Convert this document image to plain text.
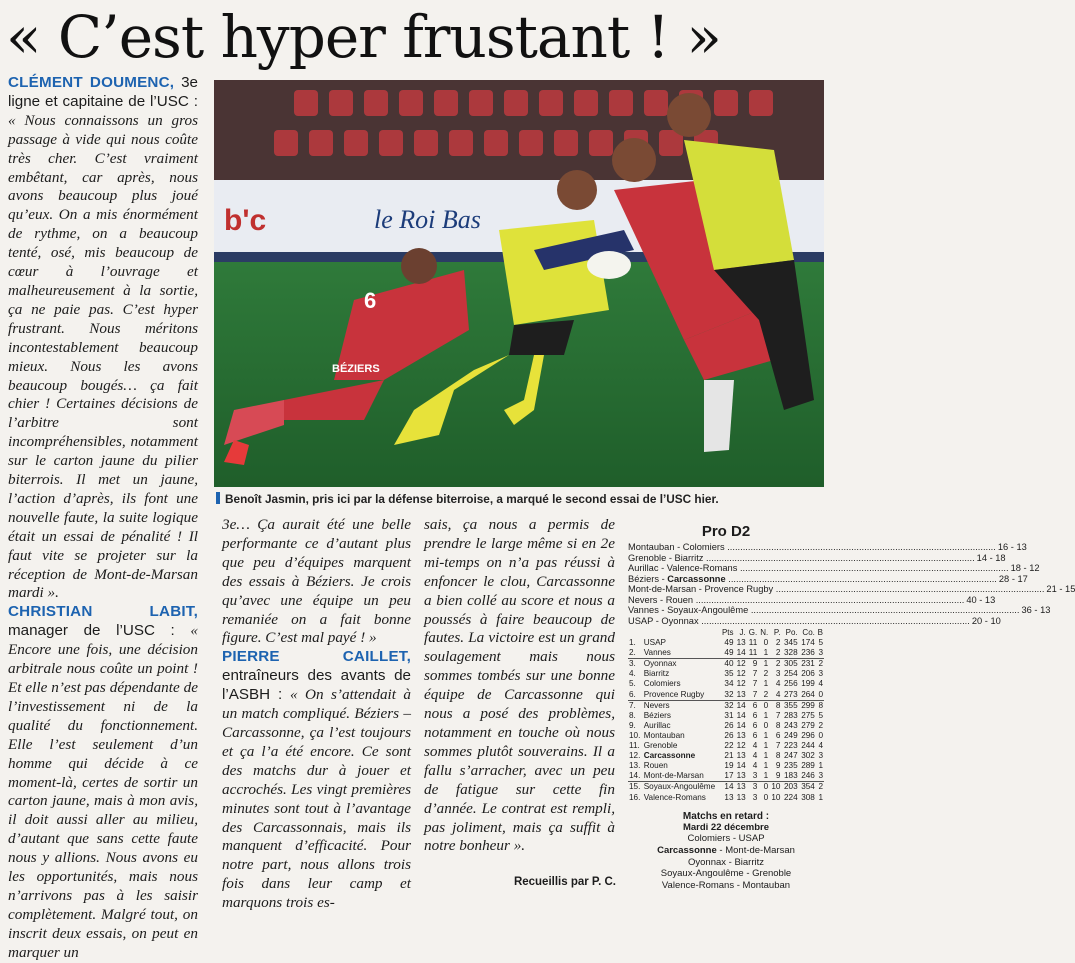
« C’est hyper frustant ! »

CLÉMENT DOUMENC, 3e ligne et capitaine de l’USC : « Nous connaissons un gros passage à vide qui nous coûte très cher. C’est vraiment embêtant, car après, nous avons beaucoup plus joué qu’eux. On a mis énormément de rythme, on a beaucoup tenté, osé, mis beaucoup de cœur à l’ouvrage et malheureusement à la sortie, ça ne paie pas. C’est hyper frustrant. Nous méritons incontestablement beaucoup mieux. Nous les avons beaucoup bougés… ça fait chier ! Certaines décisions de l’arbitre sont incompréhensibles, notamment sur le carton jaune du pilier biterrois. Il met un jaune, l’action d’après, ils font une nouvelle faute, la suite logique était un essai de pénalité ! Il faut vite se projeter sur la réception de Mont-de-Marsan mardi ».

CHRISTIAN LABIT, manager de l’USC : « Encore une fois, une décision arbitrale nous coûte un point ! Et elle n’est pas dépendante de l’investissement ni de la qualité du fonctionnement. Elle l’est seulement d’un homme qui décide à ce moment-là, certes de sortir un carton jaune, mais à mon avis, il doit aussi aller au milieu, d’autant que sans cette faute nous y allions. Nous avons eu les opportunités, mais nous n’arrivons pas à les saisir complètement. Malgré tout, on inscrit deux essais, on peut en marquer un

b'c	le Roi Bas
6
BÉZIERS
Benoît Jasmin, pris ici par la défense biterroise, a marqué le second essai de l’USC hier.

3e… Ça aurait été une belle performante ce d’autant plus que peu d’équipes marquent des essais à Béziers. Je crois qu’avec une équipe un peu remaniée on a fait bonne figure. C’est mal payé ! »

PIERRE CAILLET, entraîneurs des avants de l’ASBH : « On s’attendait à un match compliqué. Béziers – Carcassonne, ça l’est toujours et ça l’a été encore. Ce sont des matchs dur à jouer et accrochés. Les vingt premières minutes sont tout à l’avantage des Carcassonnais, mais ils manquent d’efficacité. Pour notre part, nous allons trois fois dans leur camp et marquons trois es-

sais, ça nous a permis de prendre le large même si en 2e mi-temps on n’a pas réussi à enfoncer le clou, Carcassonne a bien collé au score et nous a poussés à faire beaucoup de fautes. La victoire est un grand soulagement mais nous sommes tombés sur une bonne équipe de Carcassonne qui nous a posé des problèmes, notamment en touche où nous sommes plutôt souverains. Il a fallu s’arracher, avec un peu de fatigue sur cette fin d’année. Le contrat est rempli, pas joliment, mais ça suffit à notre bonheur ».

Recueillis par P. C.
Pro D2
Montauban - Colomiers .....	16 - 13
Grenoble - Biarritz .....	14 - 18
Aurillac - Valence-Romans .....	18 - 12
Béziers - Carcassonne .....	28 - 17
Mont-de-Marsan - Provence Rugby .....	21 - 15
Nevers - Rouen .....	40 - 13
Vannes - Soyaux-Angoulême .....	36 - 13
USAP - Oyonnax .....	20 - 10
		Pts	J.	G.	N.	P.	Po.	Co.	B
1.	USAP	49	13	11	0	2	345	174	5
2.	Vannes	49	14	11	1	2	328	236	3
3.	Oyonnax	40	12	9	1	2	305	231	2
4.	Biarritz	35	12	7	2	3	254	206	3
5.	Colomiers	34	12	7	1	4	256	199	4
6.	Provence Rugby	32	13	7	2	4	273	264	0
7.	Nevers	32	14	6	0	8	355	299	8
8.	Béziers	31	14	6	1	7	283	275	5
9.	Aurillac	26	14	6	0	8	243	279	2
10.	Montauban	26	13	6	1	6	249	296	0
11.	Grenoble	22	12	4	1	7	223	244	4
12.	Carcassonne	21	13	4	1	8	247	302	3
13.	Rouen	19	14	4	1	9	235	289	1
14.	Mont-de-Marsan	17	13	3	1	9	183	246	3
15.	Soyaux-Angoulême	14	13	3	0	10	203	354	2
16.	Valence-Romans	13	13	3	0	10	224	308	1
Matchs en retard :
Mardi 22 décembre
Colomiers - USAP
Carcassonne - Mont-de-Marsan
Oyonnax - Biarritz
Soyaux-Angoulême - Grenoble
Valence-Romans - Montauban
